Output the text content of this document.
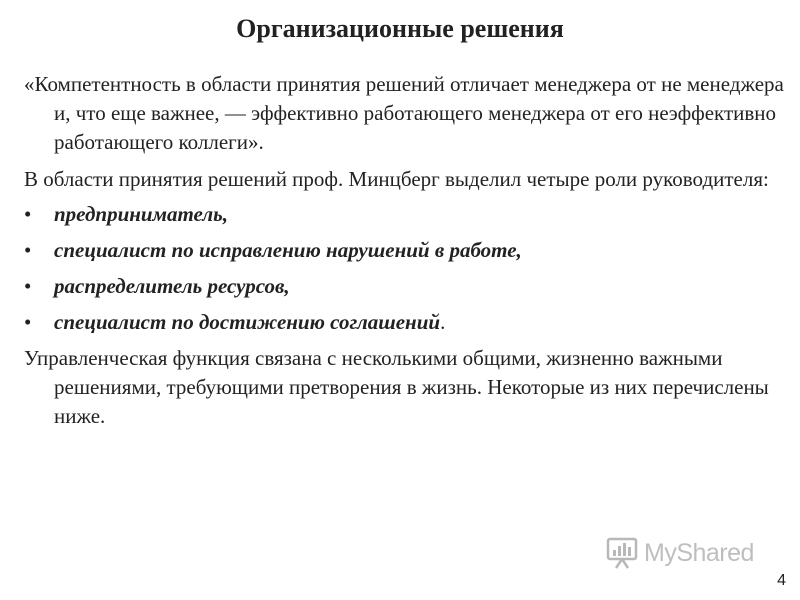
Организационные решения

«Компетентность в области принятия решений отличает менеджера от не менеджера и, что еще важнее, — эффективно работающего менеджера от его неэффективно работающего коллеги».

В области принятия решений проф. Минцберг выделил четыре роли руководителя:

• предприниматель,
• специалист по исправлению нарушений в работе,
• распределитель ресурсов,
• специалист по достижению соглашений.

Управленческая функция связана с несколькими общими, жизненно важными решениями, требующими претворения в жизнь. Некоторые из них перечислены ниже.

MyShared
4
